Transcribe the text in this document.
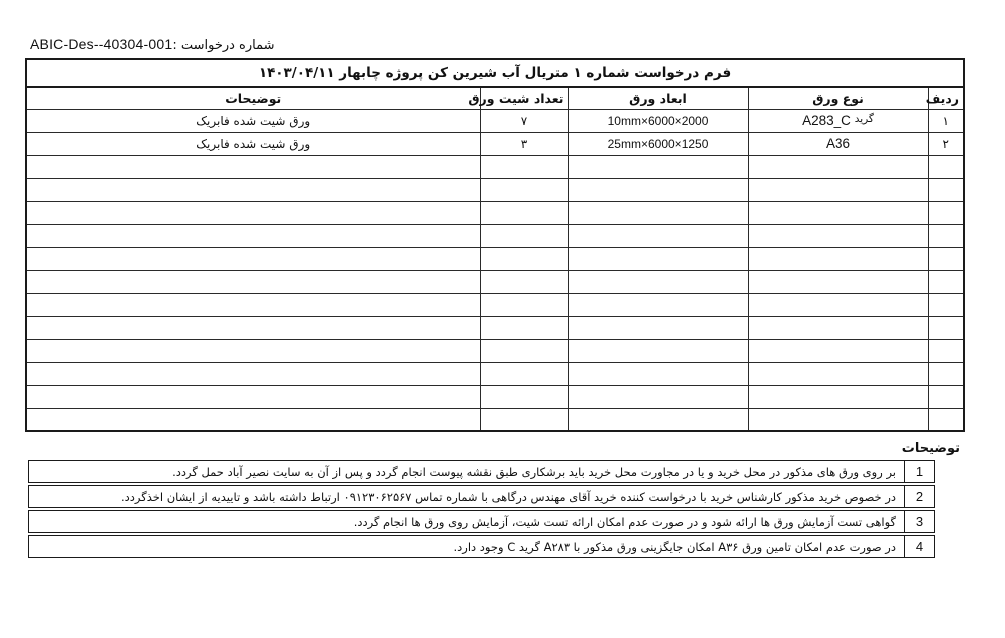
شماره درخواست :ABIC-Des--40304-001
فرم درخواست شماره ۱ متریال آب شیرین کن پروژه چابهار ۱۴۰۳/۰۴/۱۱				
ردیف	نوع ورق	ابعاد ورق	تعداد شیت ورق	توضیحات
۱	گرید A283_C	2000×6000×10mm	۷	ورق شیت شده فابریک
۲	A36	1250×6000×25mm	۳	ورق شیت شده فابریک

توضیحات
1
بر روی ورق های مذکور در محل خرید و یا در مجاورت محل خرید باید برشکاری طبق نقشه پیوست انجام گردد و پس از آن به سایت نصیر آباد حمل گردد.
2
در خصوص خرید مذکور کارشناس خرید با درخواست کننده خرید آقای مهندس درگاهی با شماره تماس ۰۹۱۲۳۰۶۲۵۶۷ ارتباط داشته باشد و تاییدیه از ایشان اخذگردد.
3
گواهی تست آزمایش ورق ها ارائه شود و در صورت عدم امکان ارائه تست شیت، آزمایش روی ورق ها انجام گردد.
4
در صورت عدم امکان تامین ورق A۳۶ امکان جایگزینی ورق مذکور با A۲۸۳ گرید C وجود دارد.
